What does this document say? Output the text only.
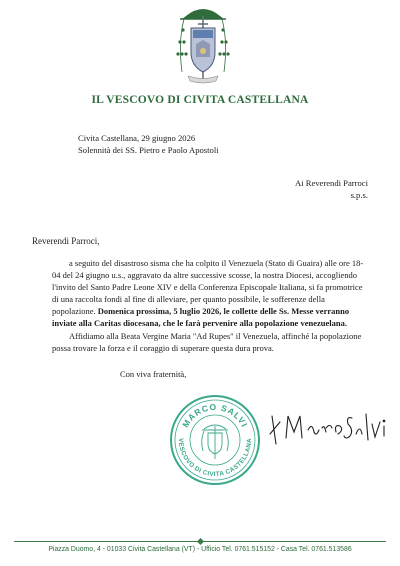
IL VESCOVO DI CIVITA CASTELLANA
Civita Castellana, 29 giugno 2026
Solennità dei SS. Pietro e Paolo Apostoli
Ai Reverendi Parroci
s.p.s.
Reverendi Parroci,

a seguito del disastroso sisma che ha colpito il Venezuela (Stato di Guaira) alle ore 18-04 del 24 giugno u.s., aggravato da altre successive scosse, la nostra Diocesi, accogliendo l'invito del Santo Padre Leone XIV e della Conferenza Episcopale Italiana, si fa promotrice di una raccolta fondi al fine di alleviare, per quanto possibile, le sofferenze della popolazione. Domenica prossima, 5 luglio 2026, le collette delle Ss. Messe verranno inviate alla Caritas diocesana, che le farà pervenire alla popolazione venezuelana.

Affidiamo alla Beata Vergine Maria "Ad Rupes" il Venezuela, affinché la popolazione possa trovare la forza e il coraggio di superare questa dura prova.

Con viva fraternità,
MARCO SALVI
VESCOVO DI CIVITA CASTELLANA
Piazza Duomo, 4 - 01033 Civita Castellana (VT) - Ufficio Tel. 0761.515152 - Casa Tel. 0761.513586
